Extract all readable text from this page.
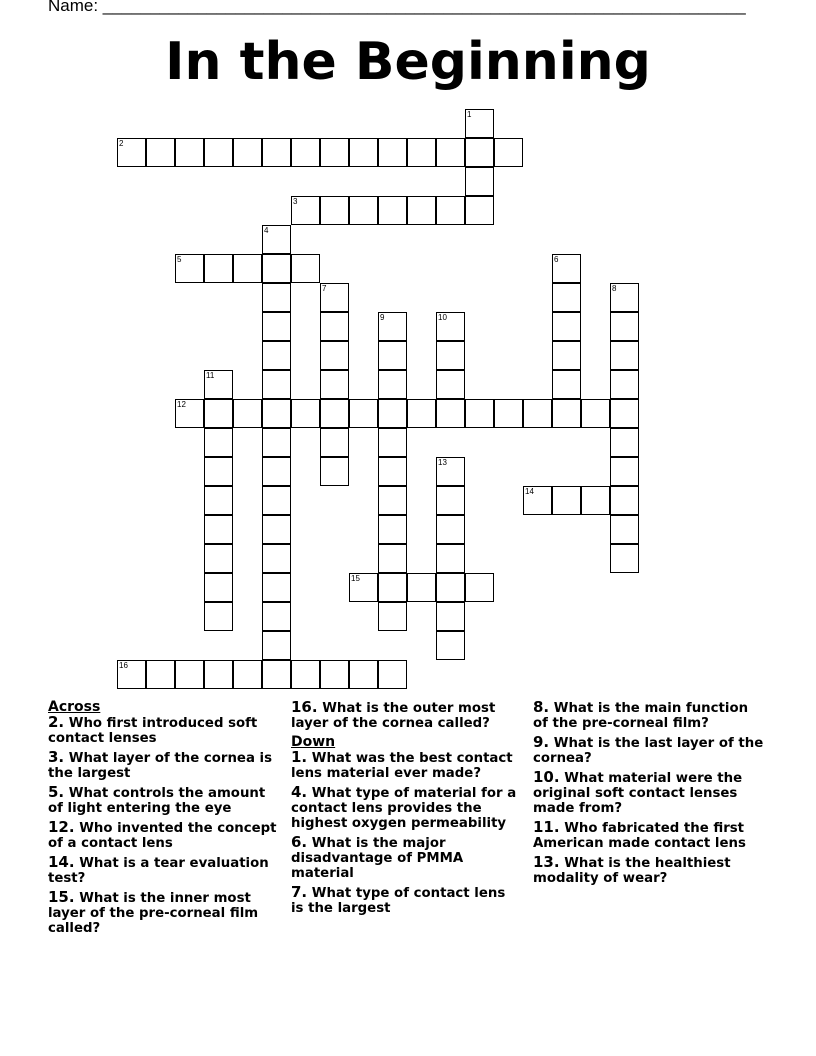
Name: ____________________________________________________________________
In the Beginning
1
2
3
4
5	6
7	8
9	10
11
12
13
14
15
16
Across
2. Who first introduced soft contact lenses
3. What layer of the cornea is the largest
5. What controls the amount of light entering the eye
12. Who invented the concept of a contact lens
14. What is a tear evaluation test?
15. What is the inner most layer of the pre-corneal film called?
16. What is the outer most layer of the cornea called?
Down
1. What was the best contact lens material ever made?
4. What type of material for a contact lens provides the highest oxygen permeability
6. What is the major disadvantage of PMMA material
7. What type of contact lens is the largest
8. What is the main function of the pre-corneal film?
9. What is the last layer of the cornea?
10. What material were the original soft contact lenses made from?
11. Who fabricated the first American made contact lens
13. What is the healthiest modality of wear?
